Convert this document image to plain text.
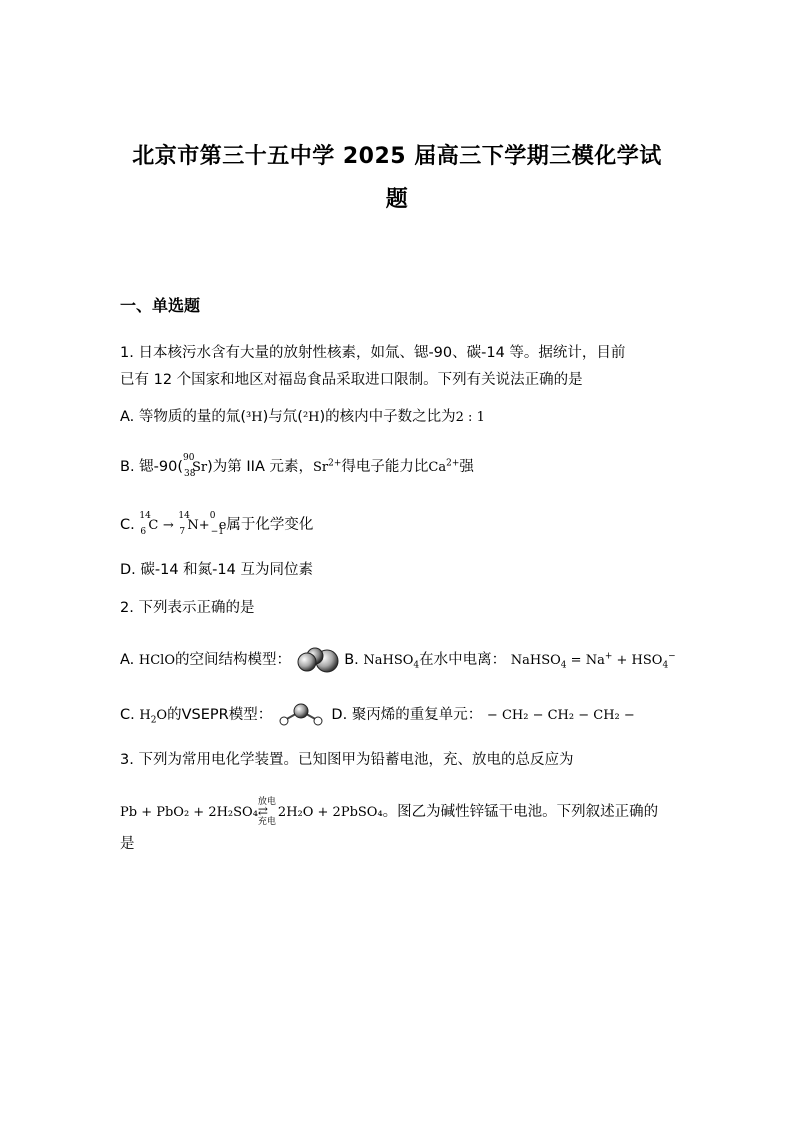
北京市第三十五中学 2025 届高三下学期三模化学试
题
一、单选题
1. 日本核污水含有大量的放射性核素，如氚、锶-90、碳-14 等。据统计，目前
已有 12 个国家和地区对福岛食品采取进口限制。下列有关说法正确的是
A. 等物质的量的氚(³H)与氘(²H)的核内中子数之比为2 : 1
B. 锶-90(
90
38
Sr)为第 IIA 元素，$Sr^{2+}$得电子能力比$Ca^{2+}$强
C.
14
6 C →
14
7 N+
0
−1
e属于化学变化
D. 碳-14 和氮-14 互为同位素
2. 下列表示正确的是
A. HClO的空间结构模型：	B. NaHSO$_4$在水中电离： NaHSO$_4$ = $Na^+ + HSO_4^-$
C. $H_2O$的VSEPR模型：	D. 聚丙烯的重复单元： − CH₂ − CH₂ − CH₂ −
3. 下列为常用电化学装置。已知图甲为铅蓄电池，充、放电的总反应为
Pb + PbO₂ + 2H₂SO₄
放电
⇄
充电
2H₂O + 2PbSO₄。图乙为碱性锌锰干电池。下列叙述正确的
是
